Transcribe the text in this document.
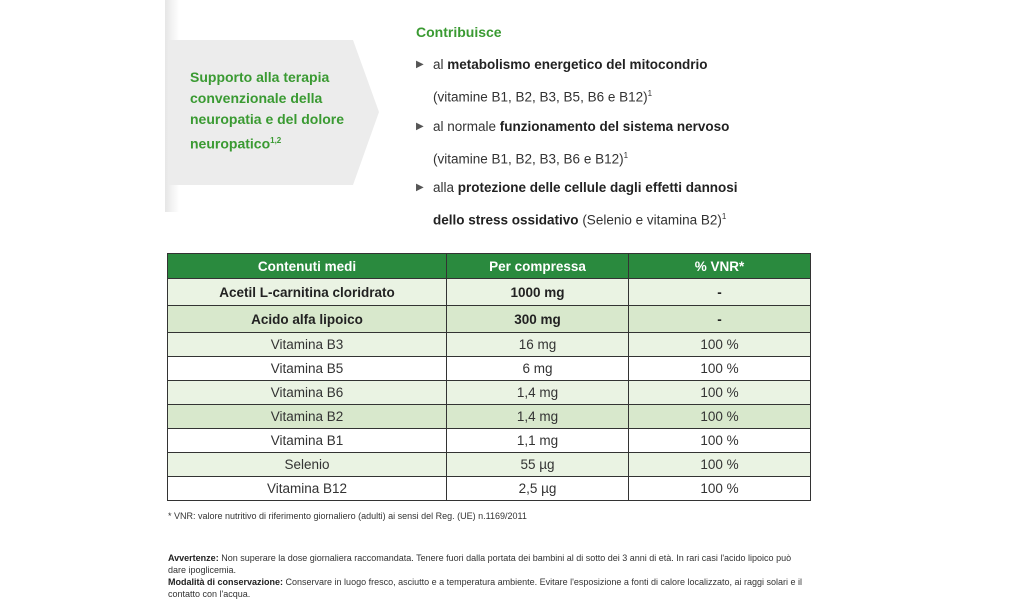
Supporto alla terapia convenzionale della neuropatia e del dolore neuropatico$^{1,2}$
Contribuisce
▶ al metabolismo energetico del mitocondrio
(vitamine B1, B2, B3, B5, B6 e B12)$^1$
▶ al normale funzionamento del sistema nervoso
(vitamine B1, B2, B3, B6 e B12)$^1$
▶ alla protezione delle cellule dagli effetti dannosi
dello stress ossidativo (Selenio e vitamina B2)$^1$
Contenuti medi	Per compressa	% VNR*
Acetil L-carnitina cloridrato	1000 mg	-
Acido alfa lipoico	300 mg	-
Vitamina B3	16 mg	100 %
Vitamina B5	6 mg	100 %
Vitamina B6	1,4 mg	100 %
Vitamina B2	1,4 mg	100 %
Vitamina B1	1,1 mg	100 %
Selenio	55 µg	100 %
Vitamina B12	2,5 µg	100 %
* VNR: valore nutritivo di riferimento giornaliero (adulti) ai sensi del Reg. (UE) n.1169/2011
Avvertenze: Non superare la dose giornaliera raccomandata. Tenere fuori dalla portata dei bambini al di sotto dei 3 anni di età. In rari casi l'acido lipoico può dare ipoglicemia.
Modalità di conservazione: Conservare in luogo fresco, asciutto e a temperatura ambiente. Evitare l'esposizione a fonti di calore localizzato, ai raggi solari e il contatto con l'acqua.
